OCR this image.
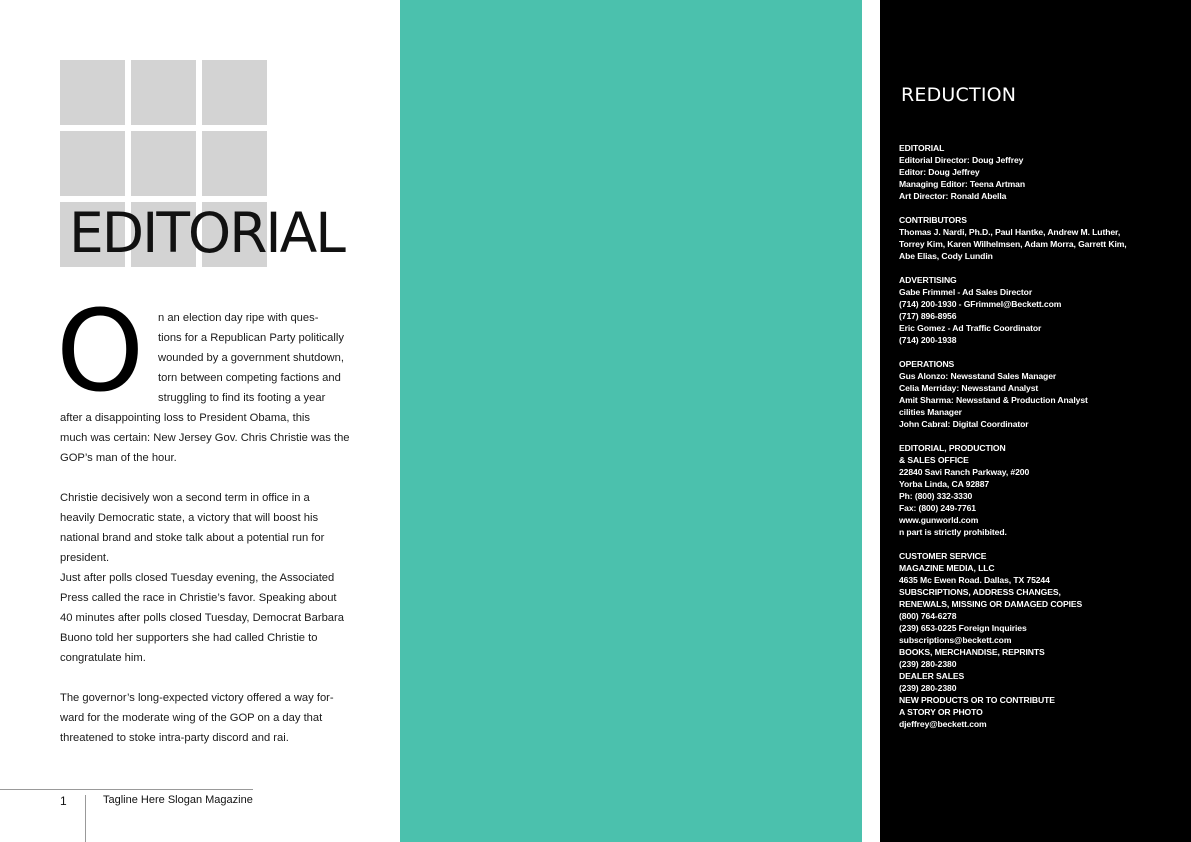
EDITORIAL
O n an election day ripe with ques-
tions for a Republican Party politically
wounded by a government shutdown,
torn between competing factions and
struggling to find its footing a year
after a disappointing loss to President Obama, this
much was certain: New Jersey Gov. Chris Christie was the
GOP’s man of the hour.
Christie decisively won a second term in office in a
heavily Democratic state, a victory that will boost his
national brand and stoke talk about a potential run for
president.
Just after polls closed Tuesday evening, the Associated
Press called the race in Christie’s favor. Speaking about
40 minutes after polls closed Tuesday, Democrat Barbara
Buono told her supporters she had called Christie to
congratulate him.
The governor’s long-expected victory offered a way for-
ward for the moderate wing of the GOP on a day that
threatened to stoke intra-party discord and rai.
1	Tagline Here Slogan Magazine
REDUCTION
EDITORIAL
Editorial Director: Doug Jeffrey
Editor: Doug Jeffrey
Managing Editor: Teena Artman
Art Director: Ronald Abella
CONTRIBUTORS
Thomas J. Nardi, Ph.D., Paul Hantke, Andrew M. Luther,
Torrey Kim, Karen Wilhelmsen, Adam Morra, Garrett Kim,
Abe Elias, Cody Lundin
ADVERTISING
Gabe Frimmel - Ad Sales Director
(714) 200-1930 - GFrimmel@Beckett.com
(717) 896-8956
Eric Gomez - Ad Traffic Coordinator
(714) 200-1938
OPERATIONS
Gus Alonzo: Newsstand Sales Manager
Celia Merriday: Newsstand Analyst
Amit Sharma: Newsstand & Production Analyst
cilities Manager
John Cabral: Digital Coordinator
EDITORIAL, PRODUCTION
& SALES OFFICE
22840 Savi Ranch Parkway, #200
Yorba Linda, CA 92887
Ph: (800) 332-3330
Fax: (800) 249-7761
www.gunworld.com
n part is strictly prohibited.
CUSTOMER SERVICE
MAGAZINE MEDIA, LLC
4635 Mc Ewen Road. Dallas, TX 75244
SUBSCRIPTIONS, ADDRESS CHANGES,
RENEWALS, MISSING OR DAMAGED COPIES
(800) 764-6278
(239) 653-0225 Foreign Inquiries
subscriptions@beckett.com
BOOKS, MERCHANDISE, REPRINTS
(239) 280-2380
DEALER SALES
(239) 280-2380
NEW PRODUCTS OR TO CONTRIBUTE
A STORY OR PHOTO
djeffrey@beckett.com
